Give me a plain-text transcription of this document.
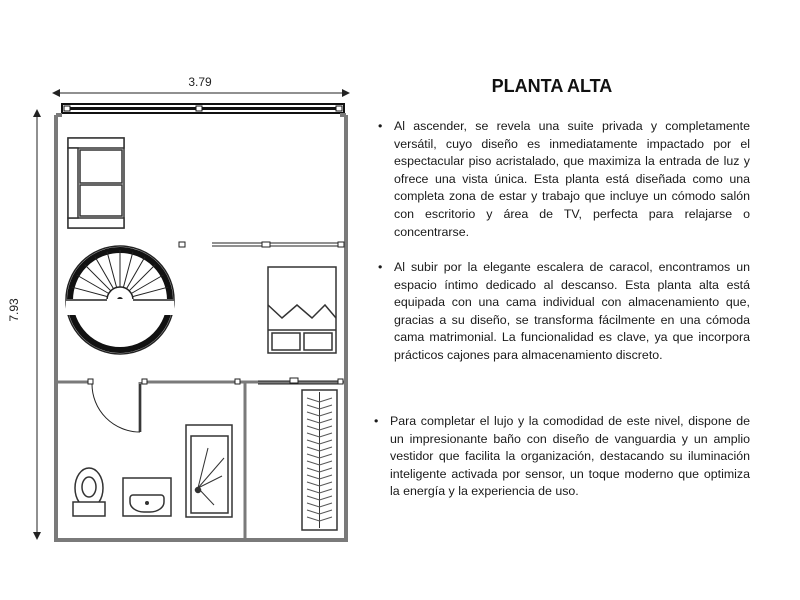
3.79
7.93
PLANTA ALTA

• Al ascender, se revela una suite privada y completamente versátil, cuyo diseño es inmediatamente impactado por el espectacular piso acristalado, que maximiza la entrada de luz y ofrece una vista única. Esta planta está diseñada como una completa zona de estar y trabajo que incluye un cómodo salón con escritorio y área de TV, perfecta para relajarse o concentrarse.

• Al subir por la elegante escalera de caracol, encontramos un espacio íntimo dedicado al descanso. Esta planta alta está equipada con una cama individual con almacenamiento que, gracias a su diseño, se transforma fácilmente en una cómoda cama matrimonial. La funcionalidad es clave, ya que incorpora prácticos cajones para almacenamiento discreto.

• Para completar el lujo y la comodidad de este nivel, dispone de un impresionante baño con diseño de vanguardia y un amplio vestidor que facilita la organización, destacando su iluminación inteligente activada por sensor, un toque moderno que optimiza la energía y la experiencia de uso.
